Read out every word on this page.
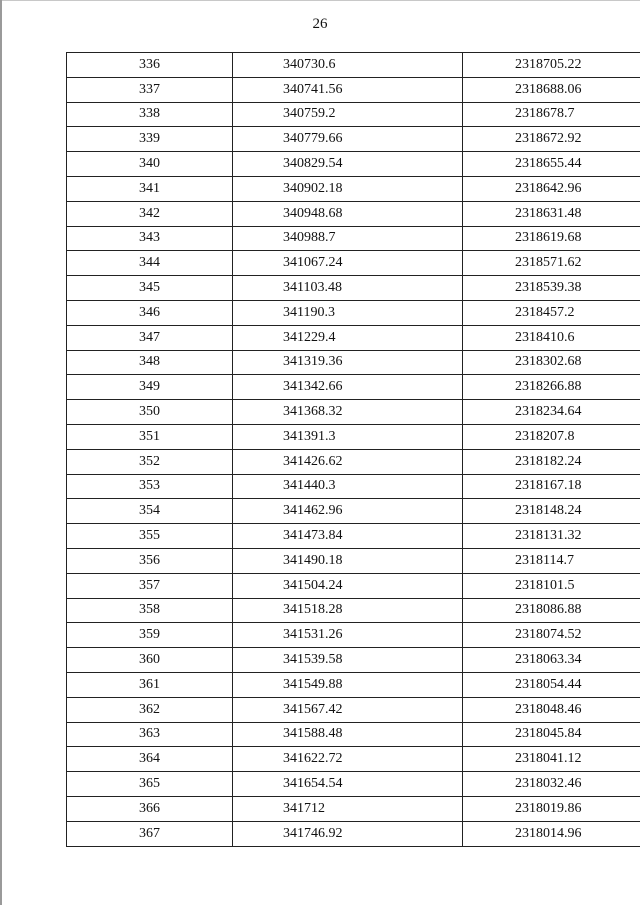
26
336	340730.6	2318705.22
337	340741.56	2318688.06
338	340759.2	2318678.7
339	340779.66	2318672.92
340	340829.54	2318655.44
341	340902.18	2318642.96
342	340948.68	2318631.48
343	340988.7	2318619.68
344	341067.24	2318571.62
345	341103.48	2318539.38
346	341190.3	2318457.2
347	341229.4	2318410.6
348	341319.36	2318302.68
349	341342.66	2318266.88
350	341368.32	2318234.64
351	341391.3	2318207.8
352	341426.62	2318182.24
353	341440.3	2318167.18
354	341462.96	2318148.24
355	341473.84	2318131.32
356	341490.18	2318114.7
357	341504.24	2318101.5
358	341518.28	2318086.88
359	341531.26	2318074.52
360	341539.58	2318063.34
361	341549.88	2318054.44
362	341567.42	2318048.46
363	341588.48	2318045.84
364	341622.72	2318041.12
365	341654.54	2318032.46
366	341712	2318019.86
367	341746.92	2318014.96
